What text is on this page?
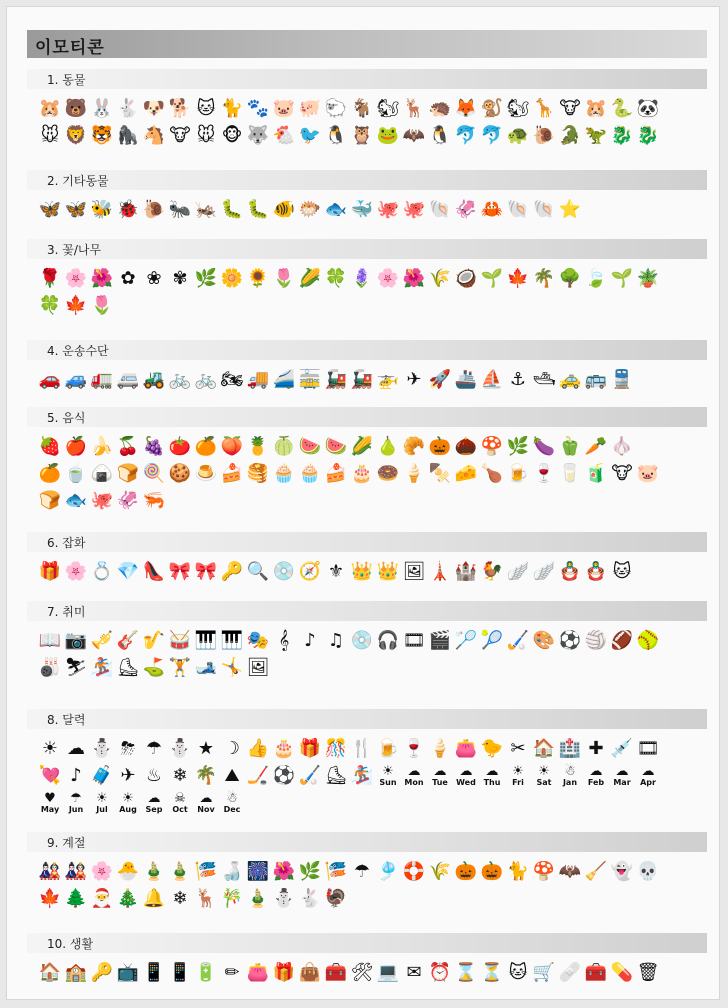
이모티콘
1. 동물
🐹 🐻 🐰 🐇 🐶 🐕 🐱 🐈 🐾 🐷 🐖 🐑 🐐 🐿 🦌 🦔 🦊 🐒 🐿 🦒 🐮 🐹 🐍 🐼
🐭 🦁 🐯 🦍 🐴 🐮 🐭 🐵 🐺 🐔 🐦 🐧 🦉 🐸 🦇 🐧 🐬 🐬 🐢 🐌 🐊 🦖 🐉 🐉
2. 기타동물
🦋 🦋 🐝 🐞 🐌 🐜 🦗 🐛 🐛 🐠 🐡 🐟 🐳 🐙 🐙 🐚 🦑 🦀 🐚 🐚 ⭐
3. 꽃/나무
🌹 🌸 🌺 ✿ ❀ ✾ 🌿 🌼 🌻 🌷 🌽 🍀 🪻 🌸 🌺 🌾 🥥 🌱 🍁 🌴 🌳 🍃 🌱 🪴
🍀 🍁 🌷
4. 운송수단
🚗 🚙 🚛 🚐 🚜 🚲 🚲 🏍 🚚 🚄 🚋 🚂 🚂 🚁 ✈ 🚀 🚢 ⛵ ⚓ 🛥 🚕 🚌 🚆
5. 음식
🍓 🍎 🍌 🍒 🍇 🍅 🍊 🍑 🍍 🍈 🍉 🍉 🌽 🍐 🥐 🎃 🌰 🍄 🌿 🍆 🫑 🥕 🧄
🍊 🍵 🍙 🍞 🍭 🍪 🍮 🍰 🥞 🧁 🧁 🍰 🎂 🍩 🍦 🍢 🧀 🍗 🍺 🍷 🥛 🧃 🐮 🐷
🍞 🐟 🐙 🦑 🦐
6. 잡화
🎁 🌸 💍 💎 👠 🎀 🎀 🔑 🔍 💿 🧭 ⚜ 👑 👑 🖼 🗼 🏰 🐓 🪽 🪽 🪆 🪆 🐱
7. 취미
📖 📷 🎺 🎸 🎷 🥁 🎹 🎹 🎭 𝄞 ♪ ♫ 💿 🎧 🎞 🎬 🏸 🎾 🏑 🎨 ⚽ 🏐 🏈 🥎
🎳 ⛷ 🏂 ⛸ ⛳ 🏋 🎿 🤸 🖼
8. 달력
☀ ☁ ⛄ ⛈ ☂ ⛄ ★ ☽ 👍 🎂 🎁 🎊 🍴 🍺 🍷 🍦 👛 🐤 ✂ 🏠 🏥 ✚ 💉 🎞
💘 ♪ 🧳 ✈ ♨ ❄ 🌴 ⛰ 🏒 ⚽ 🏑 ⛸ 🏂 ☀
Sun
☁
Mon
☁
Tue
☁
Wed
☁
Thu
☀
Fri
☀
Sat
☃
Jan
☁
Feb
☁
Mar
☁
Apr
♥
May
☂
Jun
☀
Jul
☀
Aug
☁
Sep
☠
Oct
☁
Nov
☃
Dec
9. 계절
🎎 🎎 🌸 🐣 🎍 🎍 🎏 🍶 🎆 🌺 🌿 🎏 ☂ 🎐 🛟 🌾 🎃 🎃 🐈 🍄 🦇 🧹 👻 💀
🍁 🌲 🎅 🎄 🔔 ❄ 🦌 🎋 🎍 ⛄ 🐇 🦃
10. 생활
🏠 🏫 🔑 📺 📱 📱 🔋 ✏ 👛 🎁 👜 🧰 🛠 💻 ✉ ⏰ ⌛ ⏳ 🐱 🛒 🩹 🧰 💊 🗑
